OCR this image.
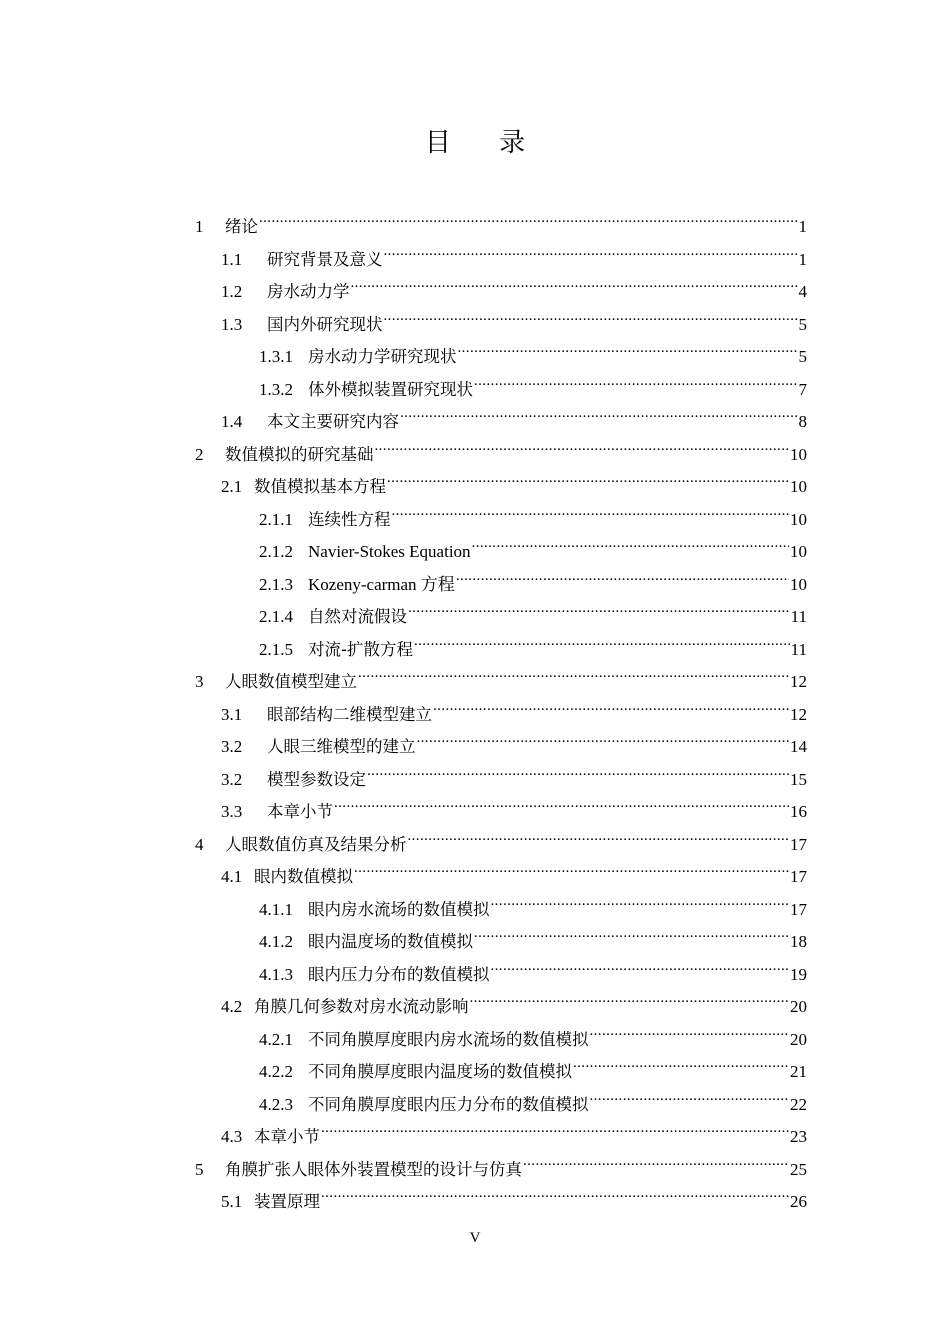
目 录
1	绪论 .....	1
1.1	研究背景及意义 .....	1
1.2	房水动力学 .....	4
1.3	国内外研究现状 .....	5
1.3.1 房水动力学研究现状 .....	5
1.3.2 体外模拟装置研究现状 .....	7
1.4	本文主要研究内容 .....	8
2	数值模拟的研究基础 .....	10
2.1 数值模拟基本方程 .....	10
2.1.1 连续性方程 .....	10
2.1.2 Navier-Stokes Equation .....	10
2.1.3 Kozeny-carman 方程 .....	10
2.1.4 自然对流假设 .....	11
2.1.5 对流-扩散方程 .....	11
3	人眼数值模型建立 .....	12
3.1	眼部结构二维模型建立 .....	12
3.2	人眼三维模型的建立 .....	14
3.2	模型参数设定 .....	15
3.3	本章小节 .....	16
4	人眼数值仿真及结果分析 .....	17
4.1 眼内数值模拟 .....	17
4.1.1 眼内房水流场的数值模拟 .....	17
4.1.2 眼内温度场的数值模拟 .....	18
4.1.3 眼内压力分布的数值模拟 .....	19
4.2 角膜几何参数对房水流动影响 .....	20
4.2.1 不同角膜厚度眼内房水流场的数值模拟 .....	20
4.2.2 不同角膜厚度眼内温度场的数值模拟 .....	21
4.2.3 不同角膜厚度眼内压力分布的数值模拟 .....	22
4.3 本章小节 .....	23
5	角膜扩张人眼体外装置模型的设计与仿真 .....	25
5.1 装置原理 .....	26
V
